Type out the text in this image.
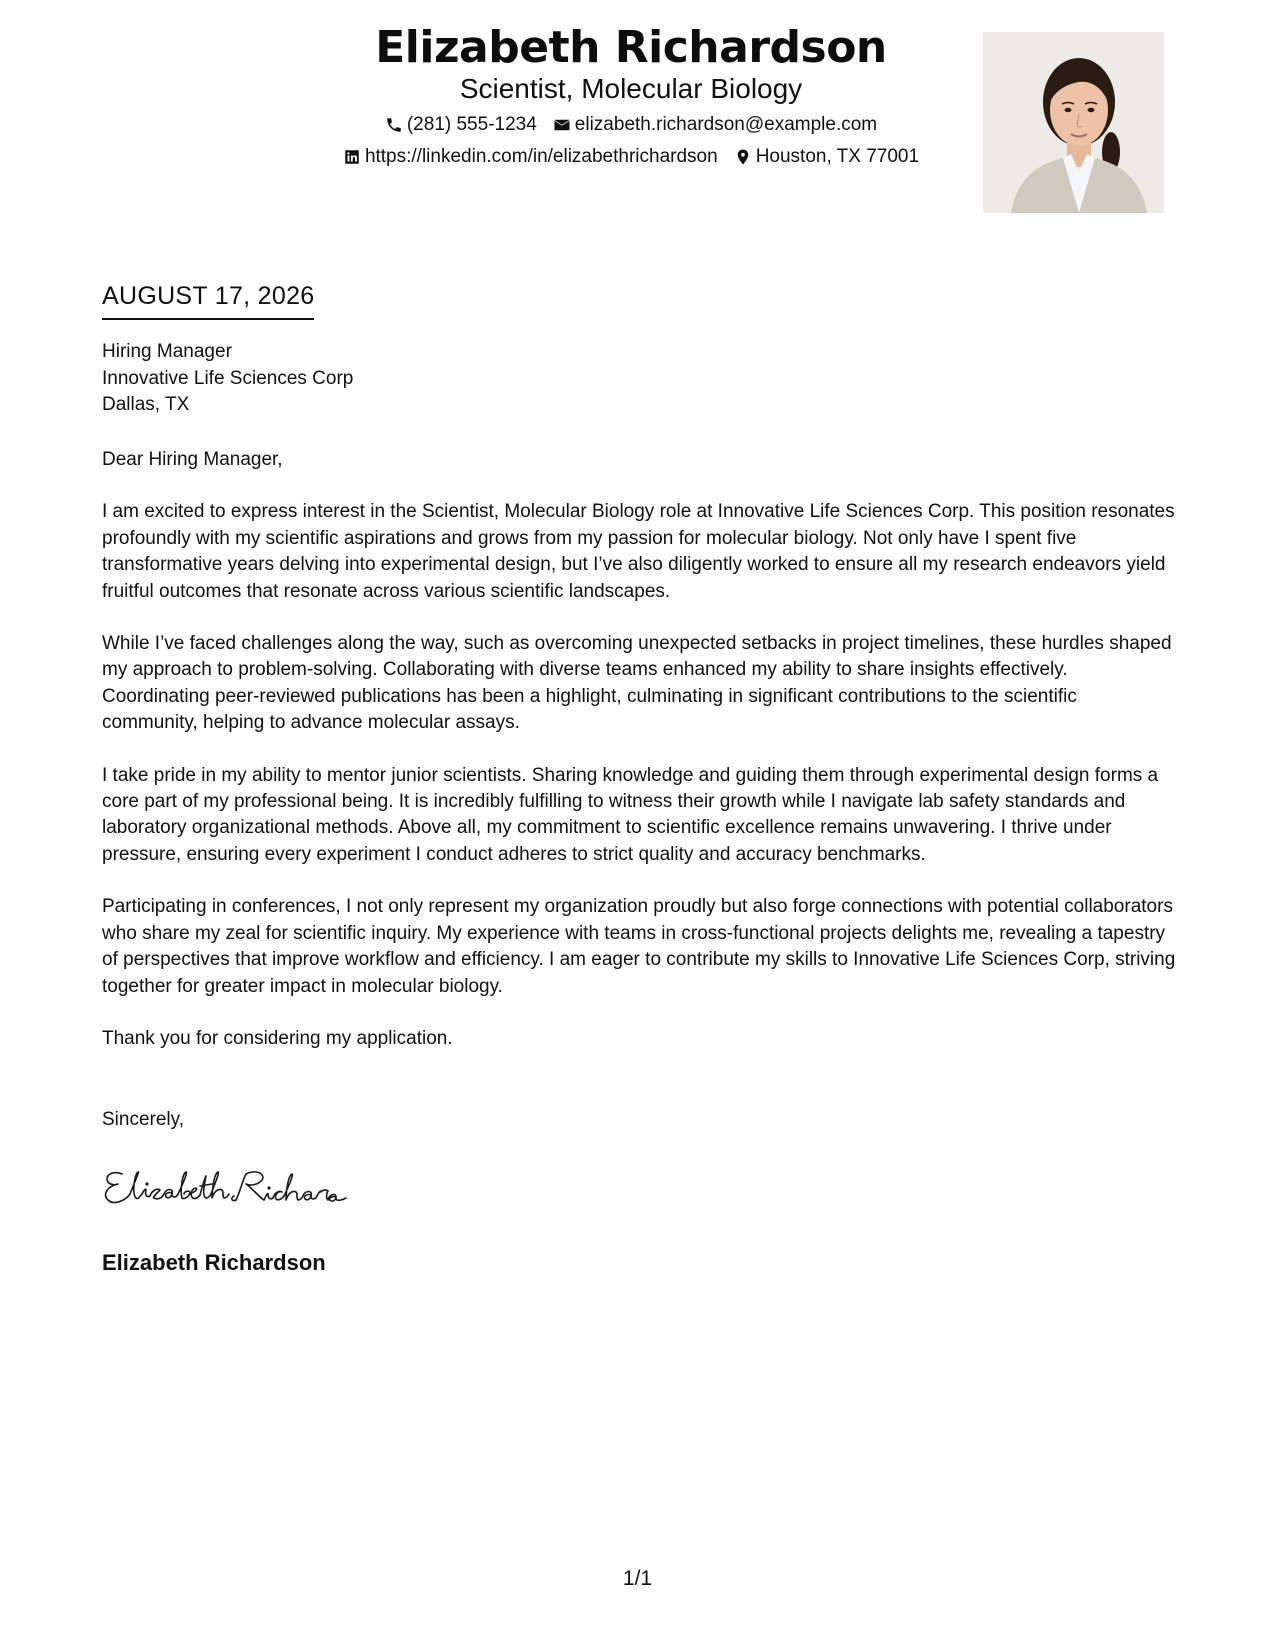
Elizabeth Richardson
Scientist, Molecular Biology
(281) 555-1234 elizabeth.richardson@example.com
https://linkedin.com/in/elizabethrichardson Houston, TX 77001
AUGUST 17, 2026
Hiring Manager
Innovative Life Sciences Corp
Dallas, TX

Dear Hiring Manager,

I am excited to express interest in the Scientist, Molecular Biology role at Innovative Life Sciences Corp. This position resonates profoundly with my scientific aspirations and grows from my passion for molecular biology. Not only have I spent five transformative years delving into experimental design, but I’ve also diligently worked to ensure all my research endeavors yield fruitful outcomes that resonate across various scientific landscapes.

While I’ve faced challenges along the way, such as overcoming unexpected setbacks in project timelines, these hurdles shaped my approach to problem-solving. Collaborating with diverse teams enhanced my ability to share insights effectively. Coordinating peer-reviewed publications has been a highlight, culminating in significant contributions to the scientific community, helping to advance molecular assays.

I take pride in my ability to mentor junior scientists. Sharing knowledge and guiding them through experimental design forms a core part of my professional being. It is incredibly fulfilling to witness their growth while I navigate lab safety standards and laboratory organizational methods. Above all, my commitment to scientific excellence remains unwavering. I thrive under pressure, ensuring every experiment I conduct adheres to strict quality and accuracy benchmarks.

Participating in conferences, I not only represent my organization proudly but also forge connections with potential collaborators who share my zeal for scientific inquiry. My experience with teams in cross-functional projects delights me, revealing a tapestry of perspectives that improve workflow and efficiency. I am eager to contribute my skills to Innovative Life Sciences Corp, striving together for greater impact in molecular biology.

Thank you for considering my application.

Sincerely,
Elizabeth Richardson
1/1
